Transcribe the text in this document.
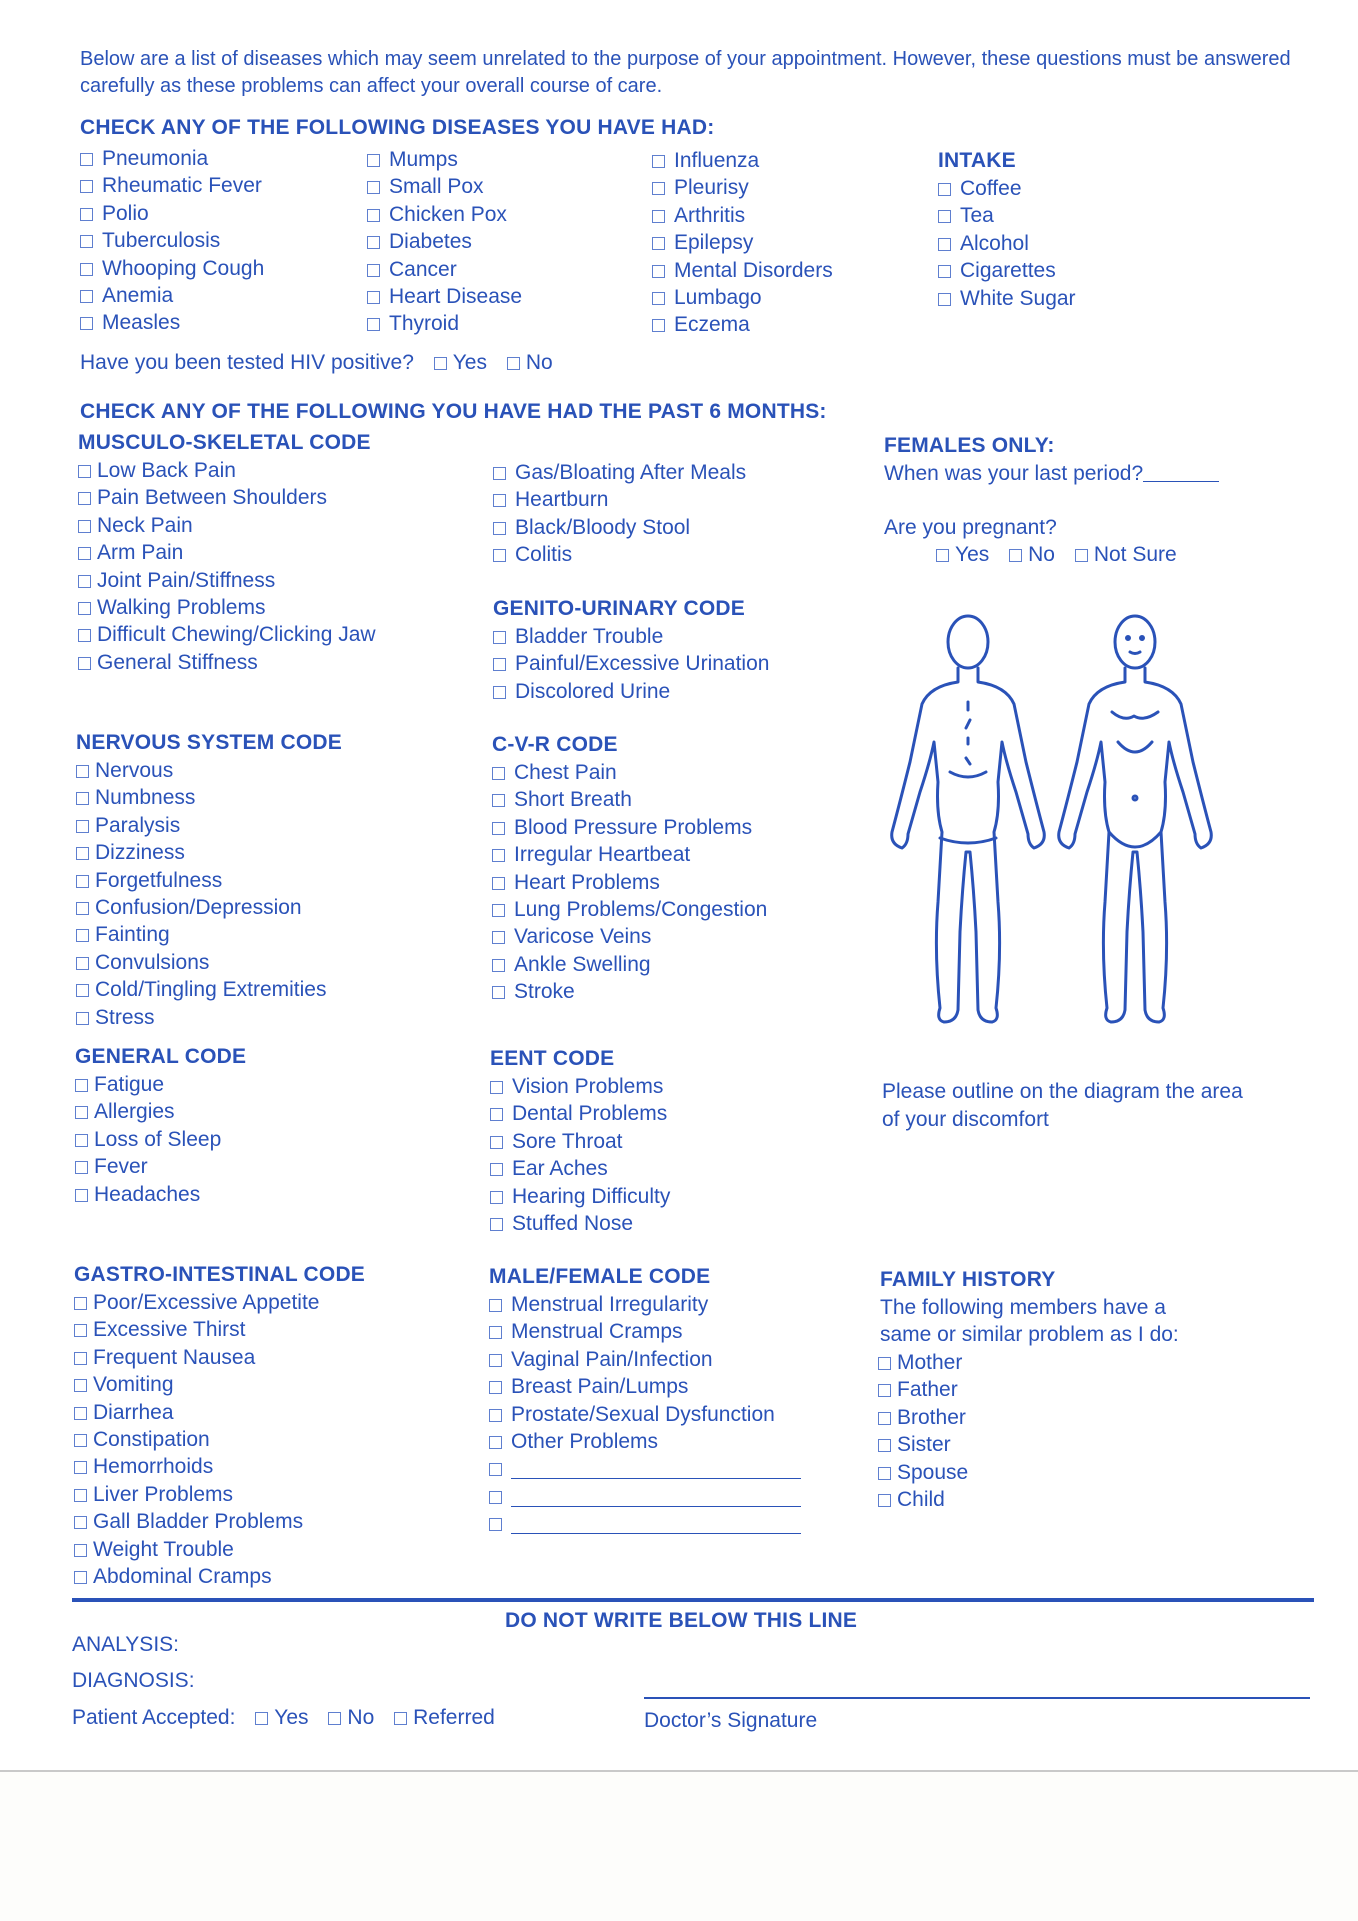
Below are a list of diseases which may seem unrelated to the purpose of your appointment. However, these questions must be answered carefully as these problems can affect your overall course of care.
CHECK ANY OF THE FOLLOWING DISEASES YOU HAVE HAD:
Pneumonia
Rheumatic Fever
Polio
Tuberculosis
Whooping Cough
Anemia
Measles
Mumps
Small Pox
Chicken Pox
Diabetes
Cancer
Heart Disease
Thyroid
Influenza
Pleurisy
Arthritis
Epilepsy
Mental Disorders
Lumbago
Eczema
INTAKE
Coffee
Tea
Alcohol
Cigarettes
White Sugar
Have you been tested HIV positive? Yes No
CHECK ANY OF THE FOLLOWING YOU HAVE HAD THE PAST 6 MONTHS:
MUSCULO-SKELETAL CODE
Low Back Pain
Pain Between Shoulders
Neck Pain
Arm Pain
Joint Pain/Stiffness
Walking Problems
Difficult Chewing/Clicking Jaw
General Stiffness
Gas/Bloating After Meals
Heartburn
Black/Bloody Stool
Colitis
GENITO-URINARY CODE
Bladder Trouble
Painful/Excessive Urination
Discolored Urine
FEMALES ONLY:
When was your last period?
Are you pregnant?
Yes No Not Sure
NERVOUS SYSTEM CODE
Nervous
Numbness
Paralysis
Dizziness
Forgetfulness
Confusion/Depression
Fainting
Convulsions
Cold/Tingling Extremities
Stress
C-V-R CODE
Chest Pain
Short Breath
Blood Pressure Problems
Irregular Heartbeat
Heart Problems
Lung Problems/Congestion
Varicose Veins
Ankle Swelling
Stroke
Please outline on the diagram the area of your discomfort
GENERAL CODE
Fatigue
Allergies
Loss of Sleep
Fever
Headaches
EENT CODE
Vision Problems
Dental Problems
Sore Throat
Ear Aches
Hearing Difficulty
Stuffed Nose
GASTRO-INTESTINAL CODE
Poor/Excessive Appetite
Excessive Thirst
Frequent Nausea
Vomiting
Diarrhea
Constipation
Hemorrhoids
Liver Problems
Gall Bladder Problems
Weight Trouble
Abdominal Cramps
MALE/FEMALE CODE
Menstrual Irregularity
Menstrual Cramps
Vaginal Pain/Infection
Breast Pain/Lumps
Prostate/Sexual Dysfunction
Other Problems
FAMILY HISTORY
The following members have a
same or similar problem as I do:
Mother
Father
Brother
Sister
Spouse
Child
DO NOT WRITE BELOW THIS LINE
ANALYSIS:
DIAGNOSIS:
Patient Accepted: Yes No Referred	Doctor’s Signature
